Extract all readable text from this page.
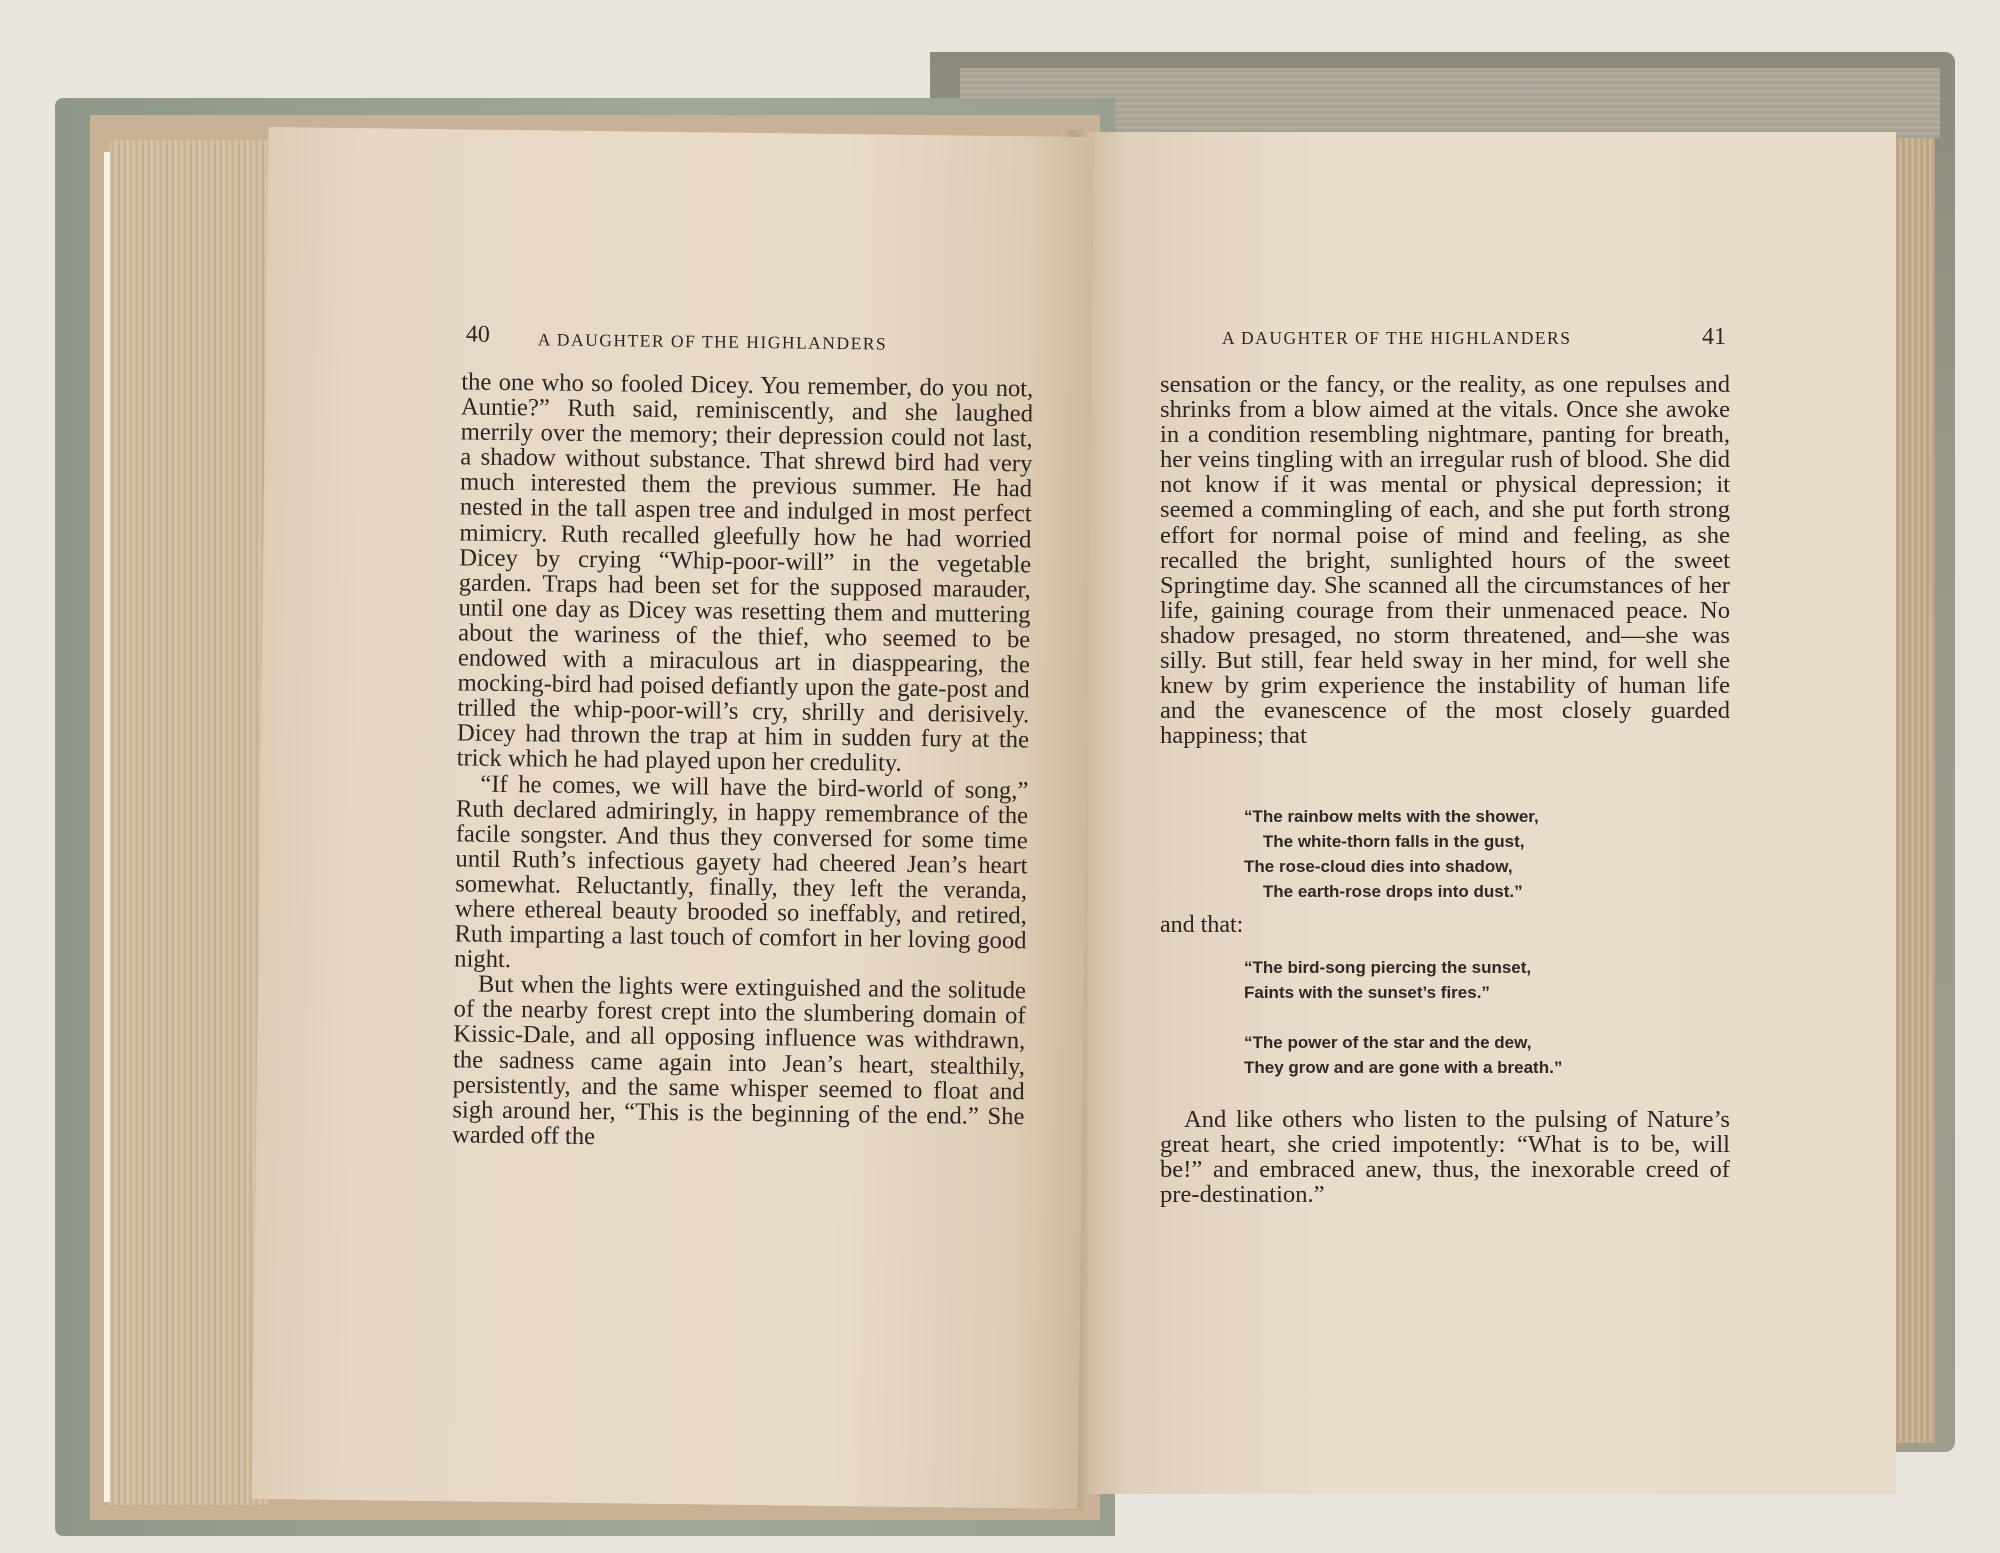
A DAUGHTER OF THE HIGHLANDERS	41

sensation or the fancy, or the reality, as one repulses and shrinks from a blow aimed at the vitals. Once she awoke in a condition resembling nightmare, panting for breath, her veins tingling with an irregular rush of blood. She did not know if it was mental or physical depression; it seemed a commingling of each, and she put forth strong effort for normal poise of mind and feeling, as she recalled the bright, sunlighted hours of the sweet Springtime day. She scanned all the circumstances of her life, gaining courage from their unmenaced peace. No shadow presaged, no storm threatened, and—she was silly. But still, fear held sway in her mind, for well she knew by grim experience the instability of human life and the evanescence of the most closely guarded happiness; that

“The rainbow melts with the shower,
The white-thorn falls in the gust,
The rose-cloud dies into shadow,
The earth-rose drops into dust.”
and that:
“The bird-song piercing the sunset,
Faints with the sunset’s fires.”
“The power of the star and the dew,
They grow and are gone with a breath.”

And like others who listen to the pulsing of Nature’s great heart, she cried impotently: “What is to be, will be!” and embraced anew, thus, the inexorable creed of pre-destination.”

40	A DAUGHTER OF THE HIGHLANDERS

the one who so fooled Dicey. You remember, do you not, Auntie?” Ruth said, reminiscently, and she laughed merrily over the memory; their depression could not last, a shadow without substance. That shrewd bird had very much interested them the previous summer. He had nested in the tall aspen tree and indulged in most perfect mimicry. Ruth recalled gleefully how he had worried Dicey by crying “Whip-poor-will” in the vegetable garden. Traps had been set for the supposed marauder, until one day as Dicey was resetting them and muttering about the wariness of the thief, who seemed to be endowed with a miraculous art in diasppearing, the mocking-bird had poised defiantly upon the gate-post and trilled the whip-poor-will’s cry, shrilly and derisively. Dicey had thrown the trap at him in sudden fury at the trick which he had played upon her credulity.

“If he comes, we will have the bird-world of song,” Ruth declared admiringly, in happy remembrance of the facile songster. And thus they conversed for some time until Ruth’s infectious gayety had cheered Jean’s heart somewhat. Reluctantly, finally, they left the veranda, where ethereal beauty brooded so ineffably, and retired, Ruth imparting a last touch of comfort in her loving good night.

But when the lights were extinguished and the solitude of the nearby forest crept into the slumbering domain of Kissic-Dale, and all opposing influence was withdrawn, the sadness came again into Jean’s heart, stealthily, persistently, and the same whisper seemed to float and sigh around her, “This is the beginning of the end.” She warded off the
